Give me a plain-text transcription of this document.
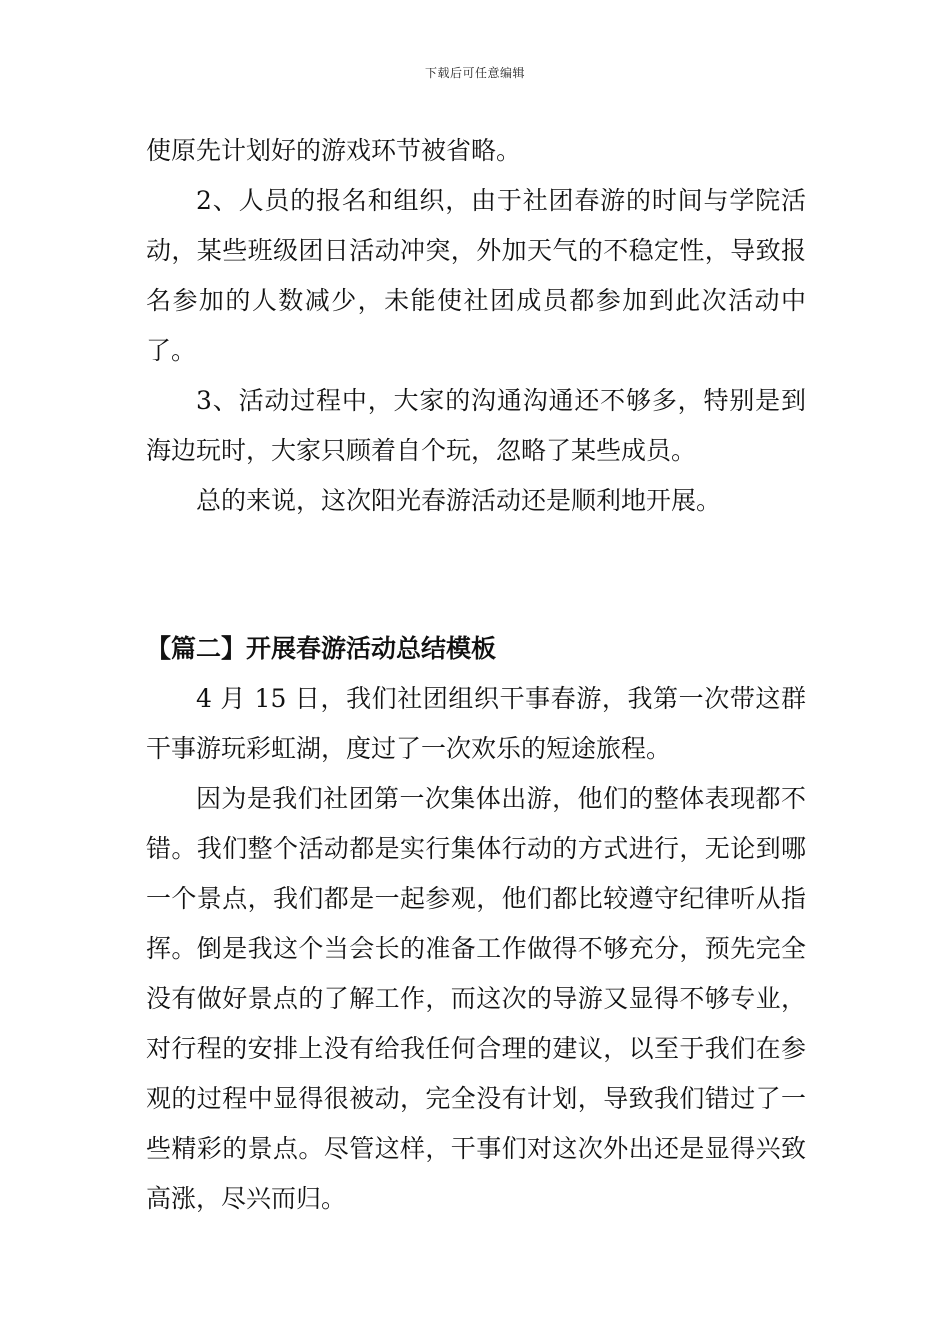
下载后可任意编辑

使原先计划好的游戏环节被省略。

2、人员的报名和组织，由于社团春游的时间与学院活动，某些班级团日活动冲突，外加天气的不稳定性，导致报名参加的人数减少，未能使社团成员都参加到此次活动中了。

3、活动过程中，大家的沟通沟通还不够多，特别是到海边玩时，大家只顾着自个玩，忽略了某些成员。

总的来说，这次阳光春游活动还是顺利地开展。

【篇二】开展春游活动总结模板

4 月 15 日，我们社团组织干事春游，我第一次带这群干事游玩彩虹湖，度过了一次欢乐的短途旅程。

因为是我们社团第一次集体出游，他们的整体表现都不错。我们整个活动都是实行集体行动的方式进行，无论到哪一个景点，我们都是一起参观，他们都比较遵守纪律听从指挥。倒是我这个当会长的准备工作做得不够充分，预先完全没有做好景点的了解工作，而这次的导游又显得不够专业，对行程的安排上没有给我任何合理的建议，以至于我们在参观的过程中显得很被动，完全没有计划，导致我们错过了一些精彩的景点。尽管这样，干事们对这次外出还是显得兴致高涨，尽兴而归。
